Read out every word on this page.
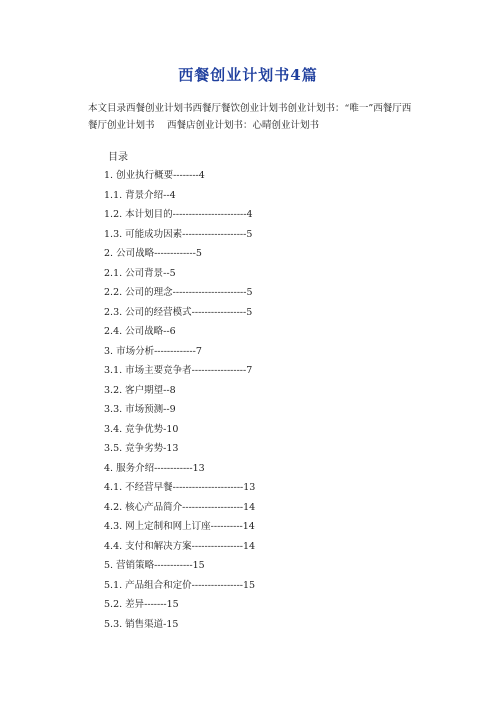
西餐创业计划书4篇
本文目录西餐创业计划书西餐厅餐饮创业计划书创业计划书：“唯一”西餐厅西餐厅创业计划书　 西餐店创业计划书：心晴创业计划书
目录
1. 创业执行概要--------4
1.1. 背景介绍--4
1.2. 本计划目的-----------------------4
1.3. 可能成功因素--------------------5
2. 公司战略-------------5
2.1. 公司背景--5
2.2. 公司的理念-----------------------5
2.3. 公司的经营模式-----------------5
2.4. 公司战略--6
3. 市场分析-------------7
3.1. 市场主要竞争者-----------------7
3.2. 客户期望--8
3.3. 市场预测--9
3.4. 竞争优势-10
3.5. 竞争劣势-13
4. 服务介绍------------13
4.1. 不经营早餐----------------------13
4.2. 核心产品简介-------------------14
4.3. 网上定制和网上订座----------14
4.4. 支付和解决方案----------------14
5. 营销策略------------15
5.1. 产品组合和定价----------------15
5.2. 差异-------15
5.3. 销售渠道-15
